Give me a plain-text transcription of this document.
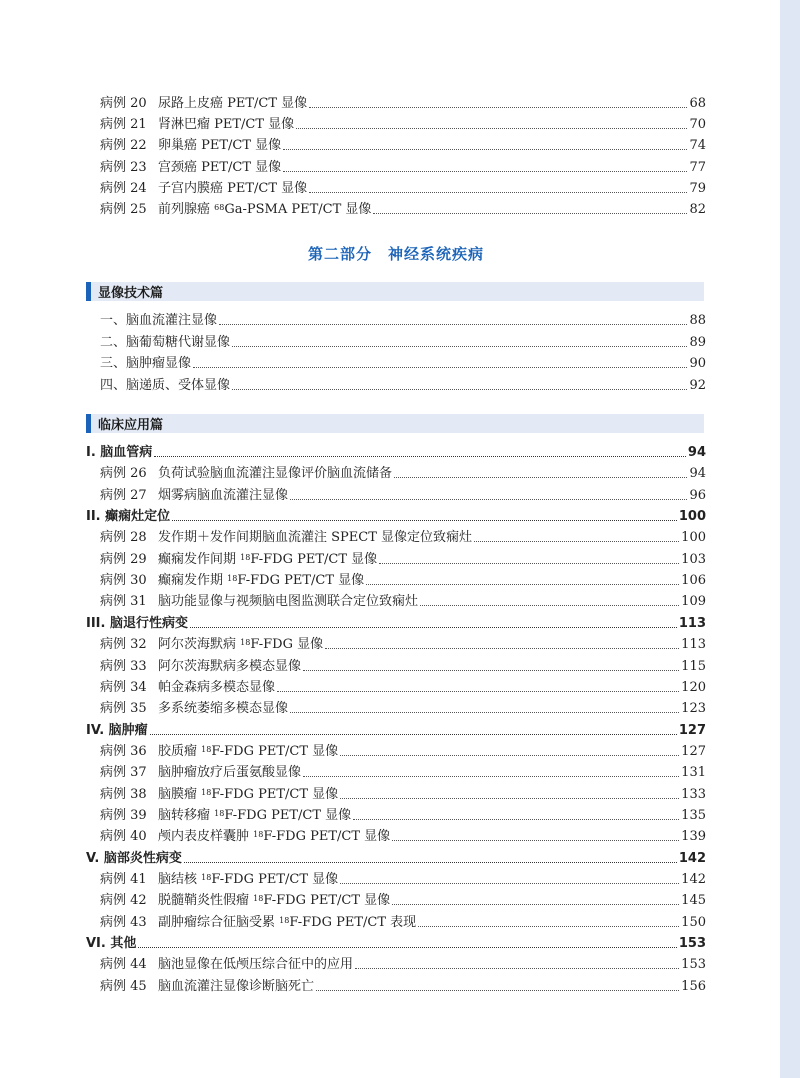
第二部分　神经系统疾病
显像技术篇
临床应用篇
病例 20 尿路上皮癌 PET/CT 显像	68
病例 21 肾淋巴瘤 PET/CT 显像	70
病例 22 卵巢癌 PET/CT 显像	74
病例 23 宫颈癌 PET/CT 显像	77
病例 24 子宫内膜癌 PET/CT 显像	79
病例 25 前列腺癌 $^{68}$Ga-PSMA PET/CT 显像	82
一、脑血流灌注显像	88
二、脑葡萄糖代谢显像	89
三、脑肿瘤显像	90
四、脑递质、受体显像	92
I. 脑血管病	94
病例 26 负荷试验脑血流灌注显像评价脑血流储备	94
病例 27 烟雾病脑血流灌注显像	96
II. 癫痫灶定位	100
病例 28 发作期＋发作间期脑血流灌注 SPECT 显像定位致痫灶	100
病例 29 癫痫发作间期 $^{18}$F-FDG PET/CT 显像	103
病例 30 癫痫发作期 $^{18}$F-FDG PET/CT 显像	106
病例 31 脑功能显像与视频脑电图监测联合定位致痫灶	109
III. 脑退行性病变	113
病例 32 阿尔茨海默病 $^{18}$F-FDG 显像	113
病例 33 阿尔茨海默病多模态显像	115
病例 34 帕金森病多模态显像	120
病例 35 多系统萎缩多模态显像	123
IV. 脑肿瘤	127
病例 36 胶质瘤 $^{18}$F-FDG PET/CT 显像	127
病例 37 脑肿瘤放疗后蛋氨酸显像	131
病例 38 脑膜瘤 $^{18}$F-FDG PET/CT 显像	133
病例 39 脑转移瘤 $^{18}$F-FDG PET/CT 显像	135
病例 40 颅内表皮样囊肿 $^{18}$F-FDG PET/CT 显像	139
V. 脑部炎性病变	142
病例 41 脑结核 $^{18}$F-FDG PET/CT 显像	142
病例 42 脱髓鞘炎性假瘤 $^{18}$F-FDG PET/CT 显像	145
病例 43 副肿瘤综合征脑受累 $^{18}$F-FDG PET/CT 表现	150
VI. 其他	153
病例 44 脑池显像在低颅压综合征中的应用	153
病例 45 脑血流灌注显像诊断脑死亡	156
